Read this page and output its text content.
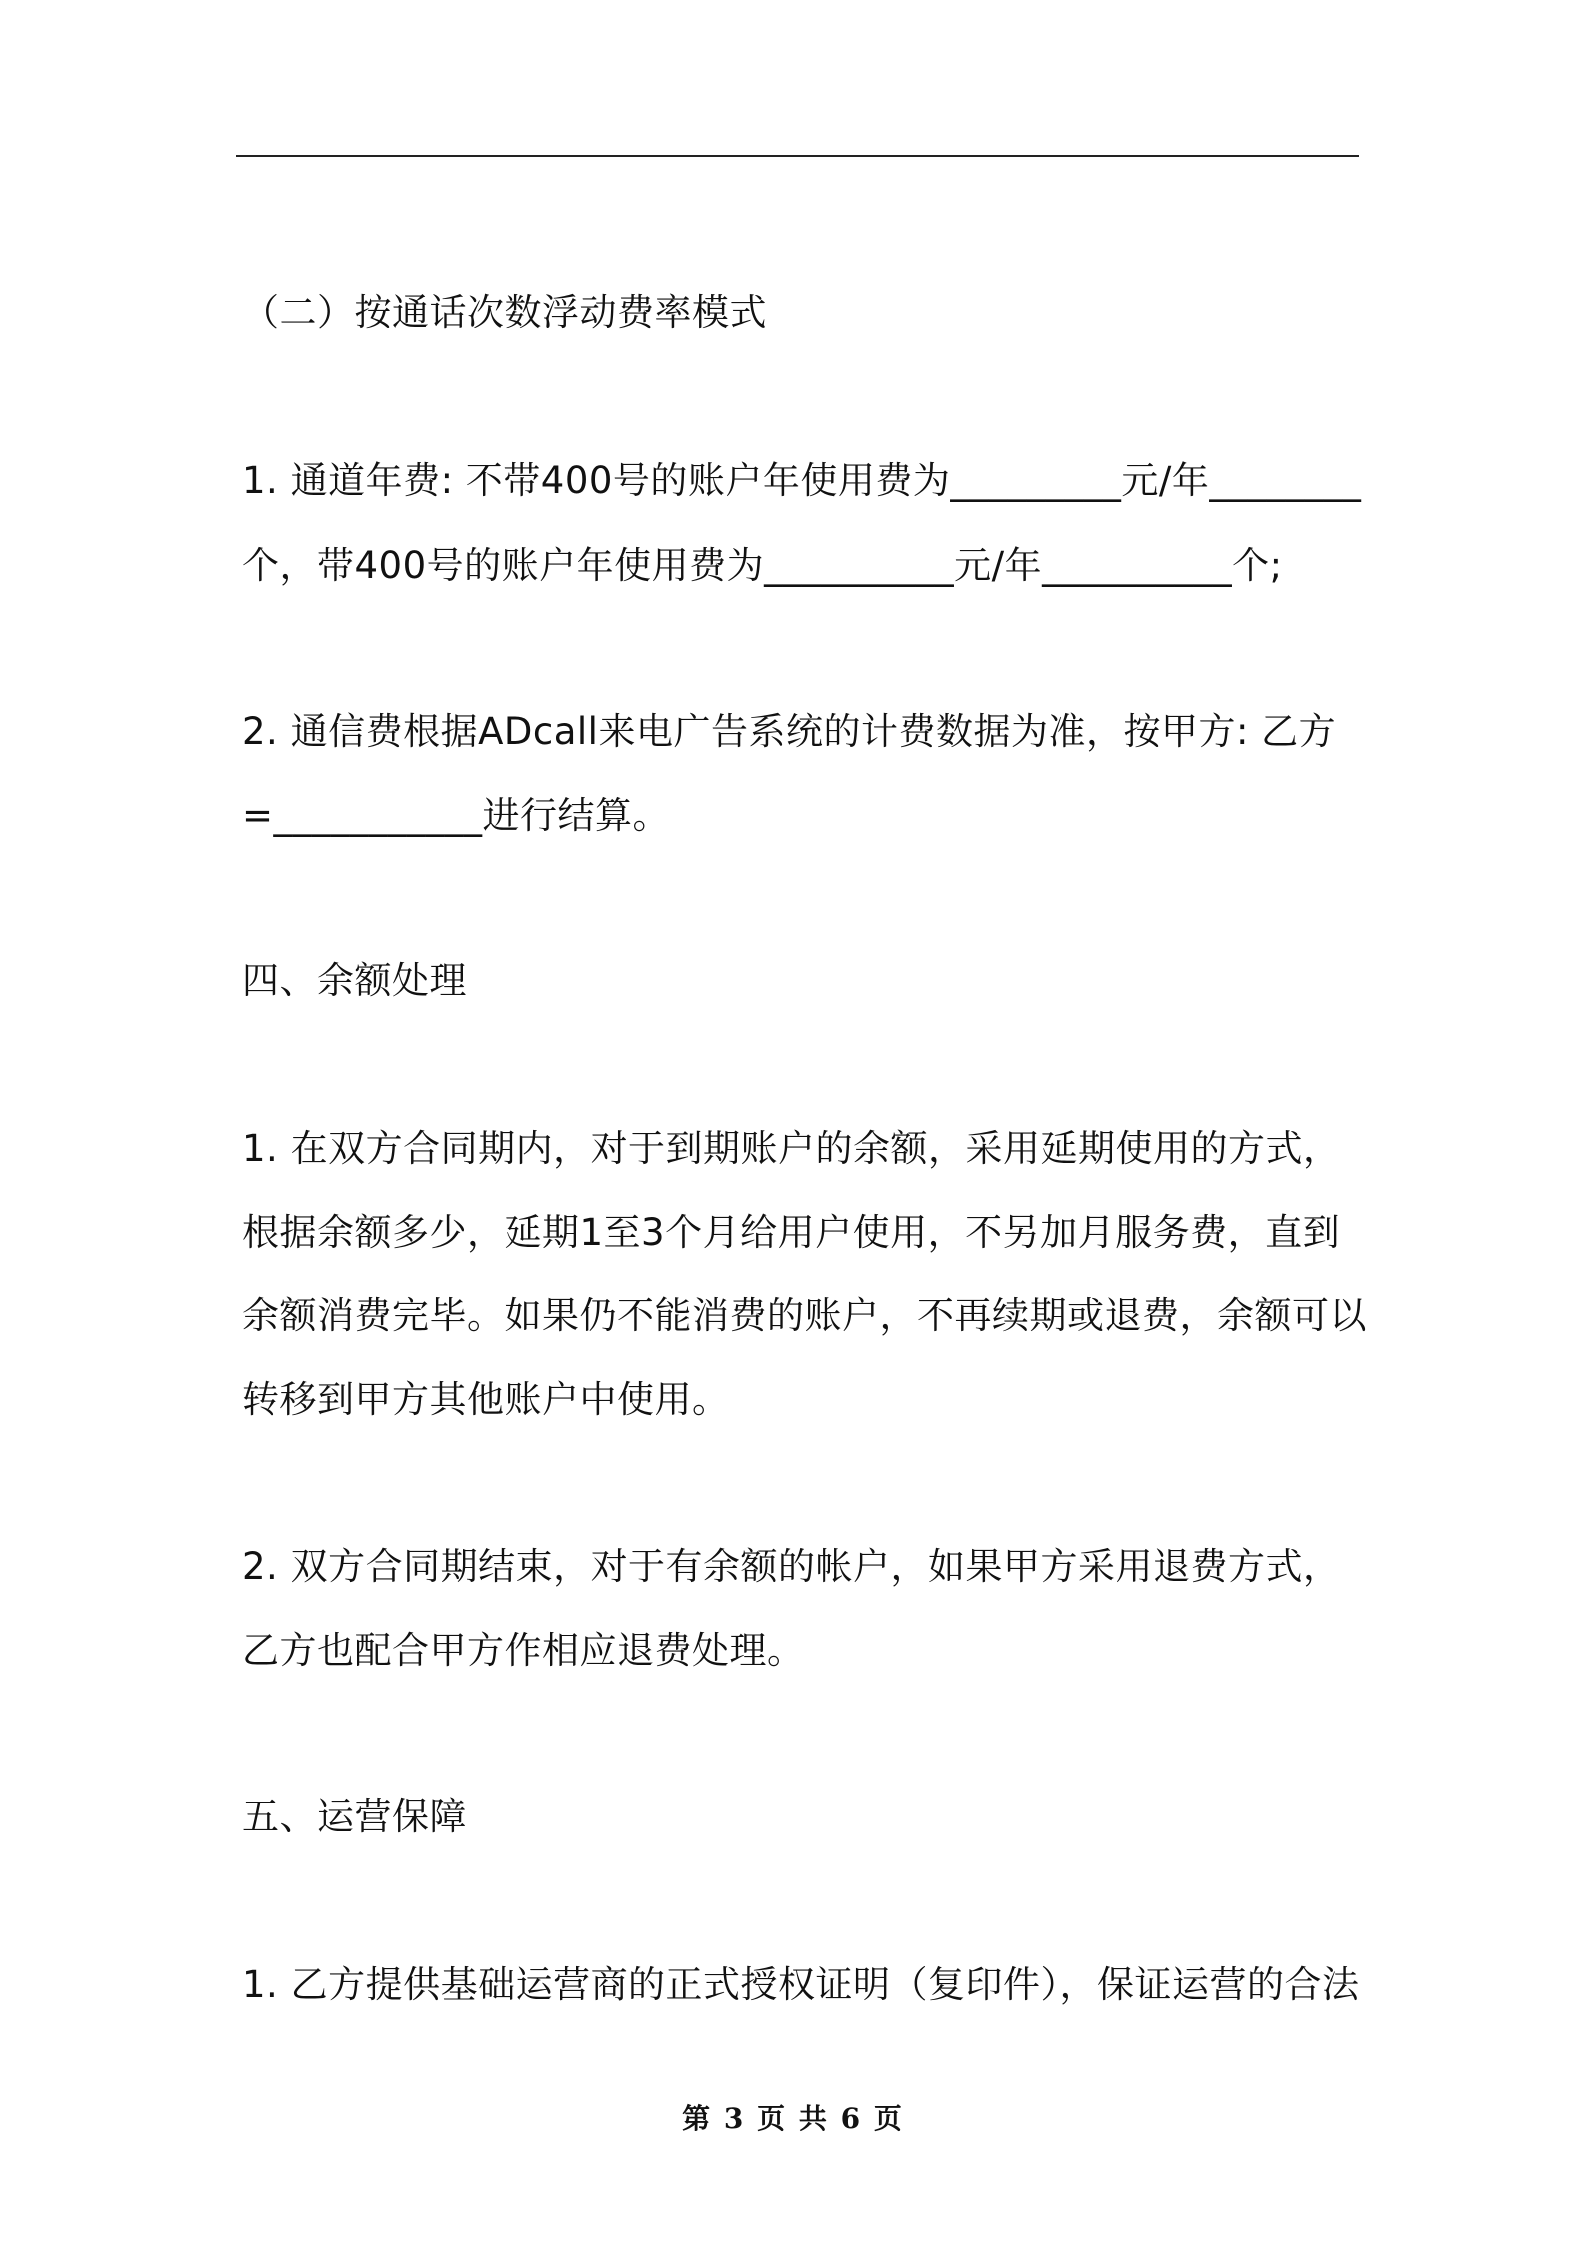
（二）按通话次数浮动费率模式
1. 通道年费: 不带400号的账户年使用费为_________元/年________
个，带400号的账户年使用费为__________元/年__________个;
2. 通信费根据ADcall来电广告系统的计费数据为准，按甲方: 乙方
=___________进行结算。
四、余额处理
1. 在双方合同期内，对于到期账户的余额，采用延期使用的方式，
根据余额多少，延期1至3个月给用户使用，不另加月服务费，直到
余额消费完毕。如果仍不能消费的账户，不再续期或退费，余额可以
转移到甲方其他账户中使用。
2. 双方合同期结束，对于有余额的帐户，如果甲方采用退费方式，
乙方也配合甲方作相应退费处理。
五、运营保障
1. 乙方提供基础运营商的正式授权证明（复印件），保证运营的合法
第 3 页 共 6 页
